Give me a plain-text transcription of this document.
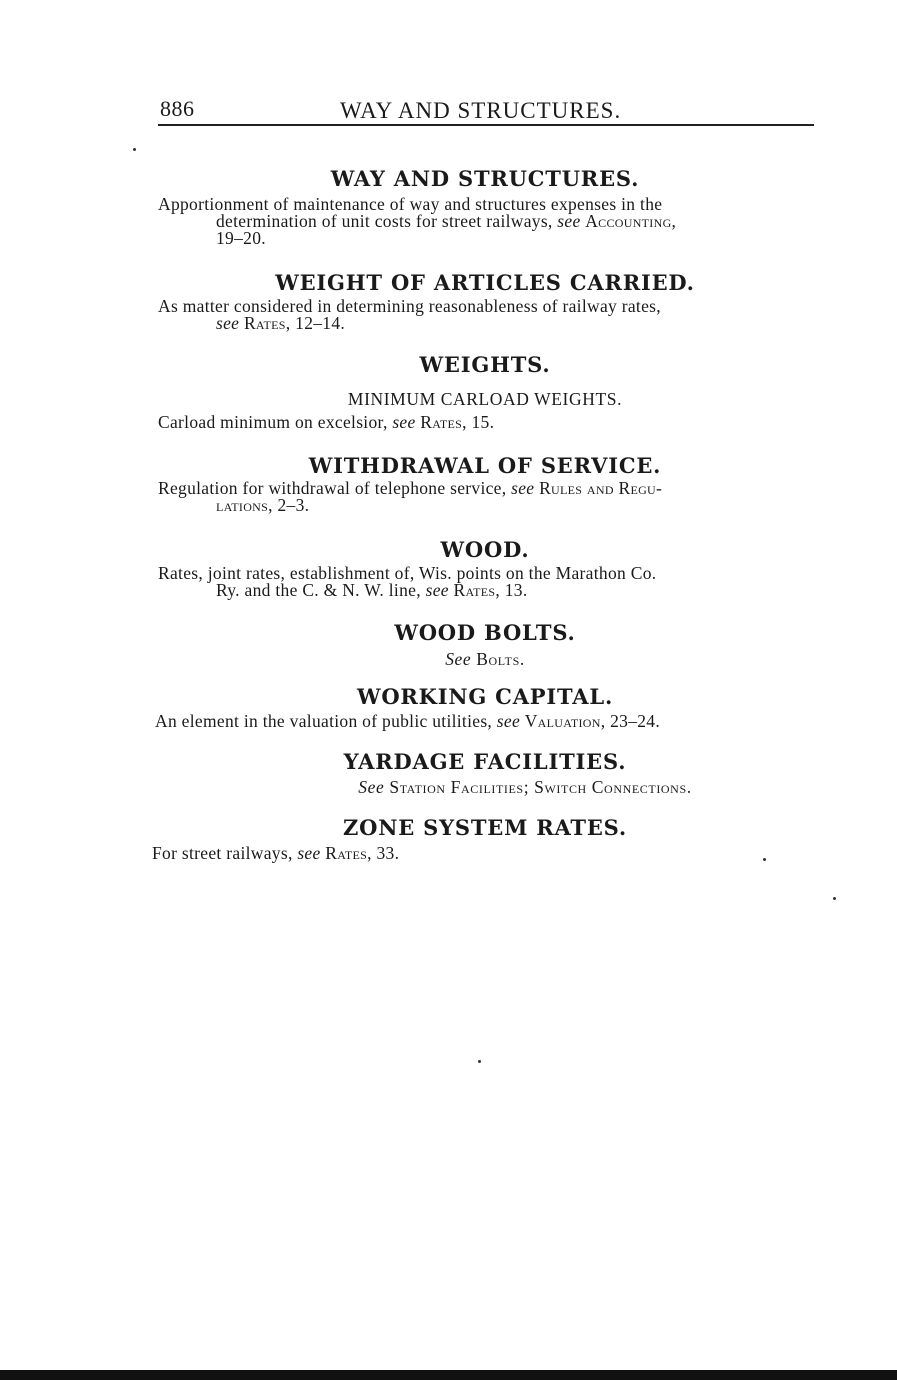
886	WAY AND STRUCTURES.
WAY AND STRUCTURES.
Apportionment of maintenance of way and structures expenses in the
determination of unit costs for street railways, see Accounting,
19–20.
WEIGHT OF ARTICLES CARRIED.
As matter considered in determining reasonableness of railway rates,
see Rates, 12–14.
WEIGHTS.
MINIMUM CARLOAD WEIGHTS.
Carload minimum on excelsior, see Rates, 15.
WITHDRAWAL OF SERVICE.
Regulation for withdrawal of telephone service, see Rules and Regu-
lations, 2–3.
WOOD.
Rates, joint rates, establishment of, Wis. points on the Marathon Co.
Ry. and the C. & N. W. line, see Rates, 13.
WOOD BOLTS.
See Bolts.
WORKING CAPITAL.
An element in the valuation of public utilities, see Valuation, 23–24.
YARDAGE FACILITIES.
See Station Facilities; Switch Connections.
ZONE SYSTEM RATES.
For street railways, see Rates, 33.
